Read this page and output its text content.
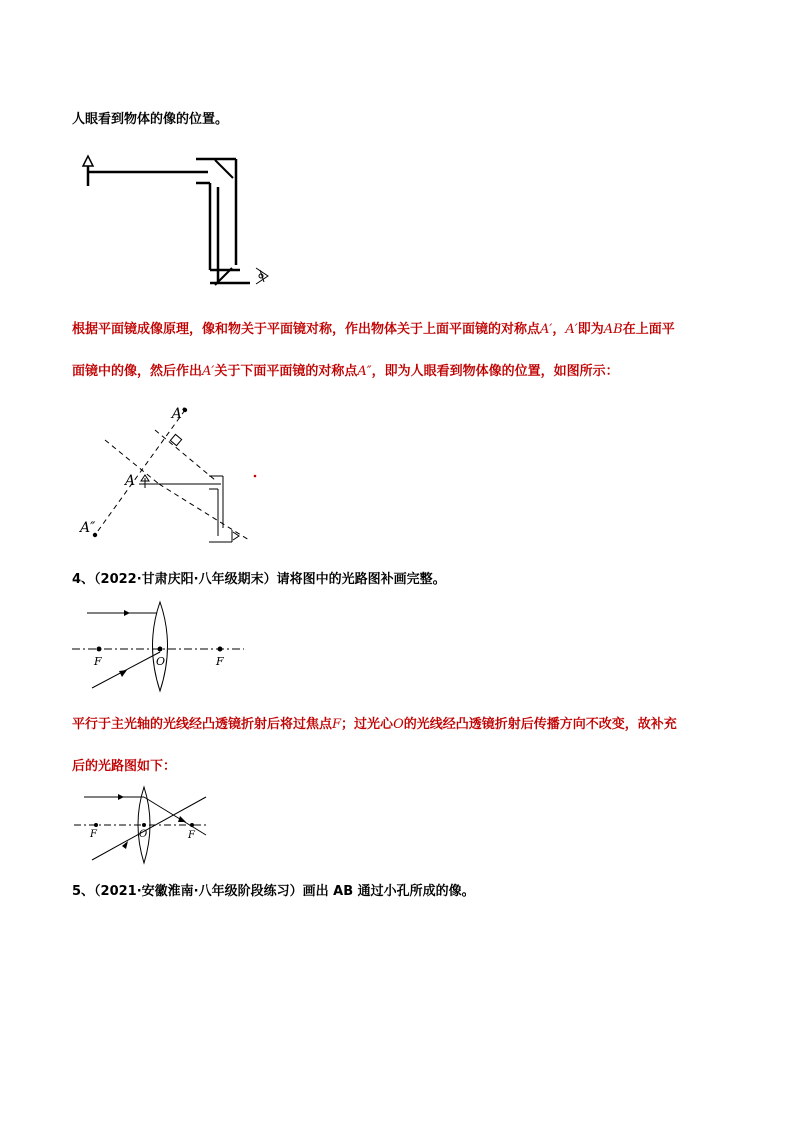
人眼看到物体的像的位置。
根据平面镜成像原理，像和物关于平面镜对称，作出物体关于上面平面镜的对称点A′，A′即为AB在上面平
面镜中的像，然后作出A′关于下面平面镜的对称点A″，即为人眼看到物体像的位置，如图所示：
A′
A
A″
4、（2022·甘肃庆阳·八年级期末）请将图中的光路图补画完整。
F	O	F
平行于主光轴的光线经凸透镜折射后将过焦点F；过光心O的光线经凸透镜折射后传播方向不改变，故补充
后的光路图如下：
F	O	F
5、（2021·安徽淮南·八年级阶段练习）画出 AB 通过小孔所成的像。
